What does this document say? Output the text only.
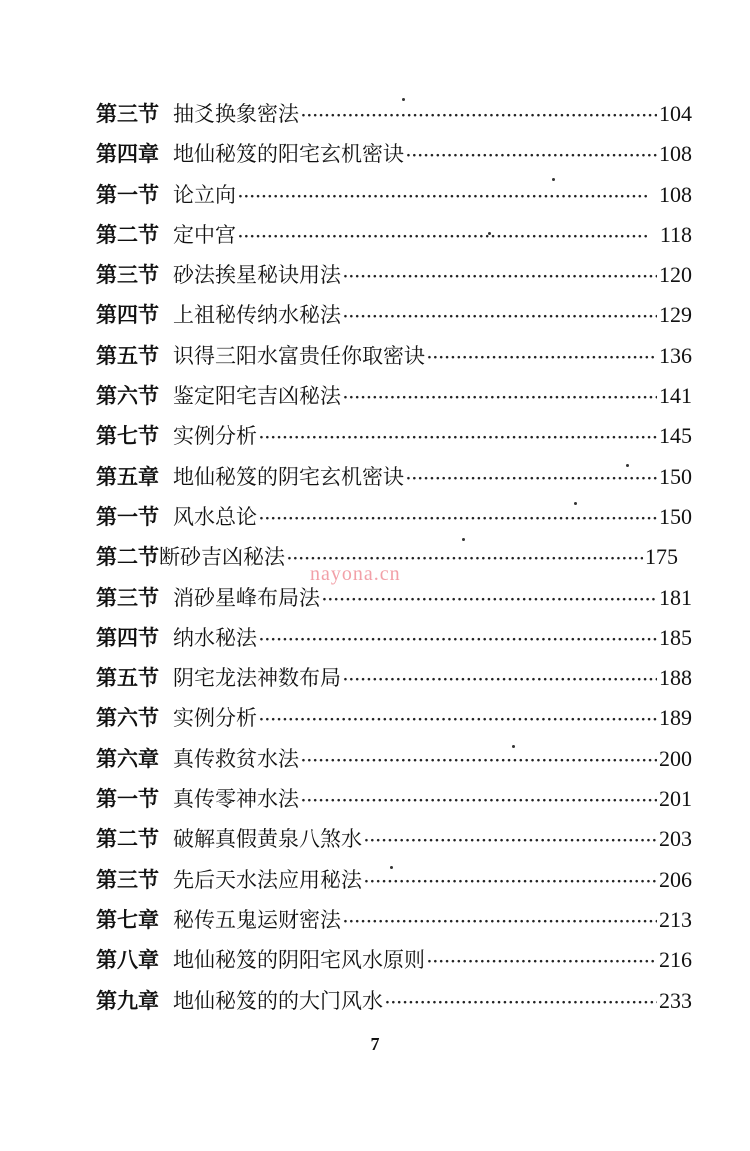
第三节 抽爻换象密法 ·····	104
第四章 地仙秘笈的阳宅玄机密诀 ·····	108
第一节 论立向 ·····	108
第二节 定中宫 ·····	118
第三节 砂法挨星秘诀用法 ·····	120
第四节 上祖秘传纳水秘法 ·····	129
第五节 识得三阳水富贵任你取密诀 ·····	136
第六节 鉴定阳宅吉凶秘法 ·····	141
第七节 实例分析 ·····	145
第五章 地仙秘笈的阴宅玄机密诀 ·····	150
第一节 风水总论 ·····	150
第二节 断砂吉凶秘法 ·····	175
第三节 消砂星峰布局法 ·····	181
第四节 纳水秘法 ·····	185
第五节 阴宅龙法神数布局 ·····	188
第六节 实例分析 ·····	189
第六章 真传救贫水法 ·····	200
第一节 真传零神水法 ·····	201
第二节 破解真假黄泉八煞水 ·····	203
第三节 先后天水法应用秘法 ·····	206
第七章 秘传五鬼运财密法 ·····	213
第八章 地仙秘笈的阴阳宅风水原则 ·····	216
第九章 地仙秘笈的的大门风水 ·····	233
nayona.cn
7
